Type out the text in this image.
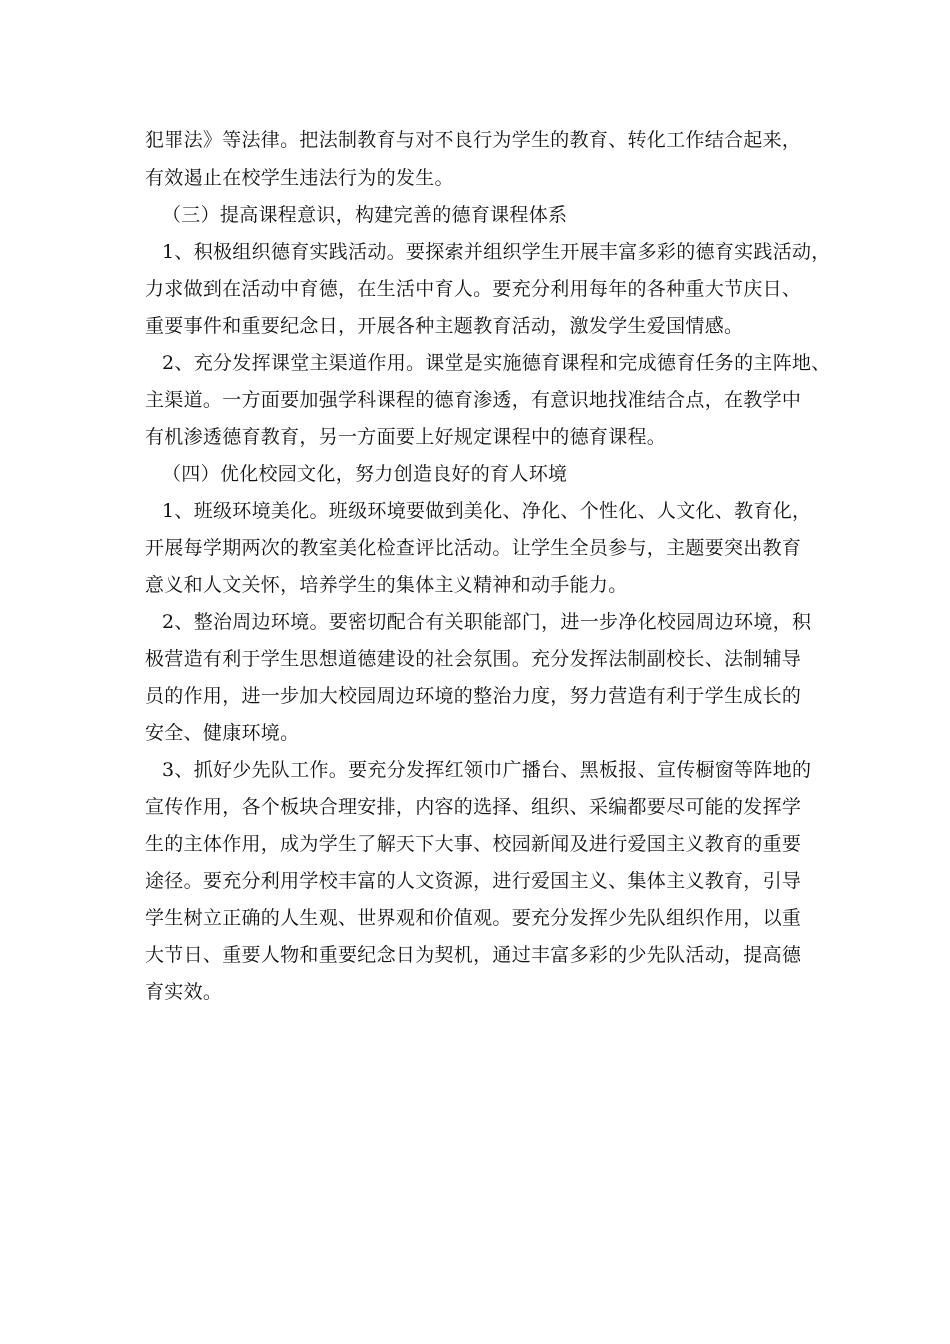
犯罪法》等法律。把法制教育与对不良行为学生的教育、转化工作结合起来，
有效遏止在校学生违法行为的发生。
（三）提高课程意识，构建完善的德育课程体系
1、积极组织德育实践活动。要探索并组织学生开展丰富多彩的德育实践活动，
力求做到在活动中育德，在生活中育人。要充分利用每年的各种重大节庆日、
重要事件和重要纪念日，开展各种主题教育活动，激发学生爱国情感。
2、充分发挥课堂主渠道作用。课堂是实施德育课程和完成德育任务的主阵地、
主渠道。一方面要加强学科课程的德育渗透，有意识地找准结合点，在教学中
有机渗透德育教育，另一方面要上好规定课程中的德育课程。
（四）优化校园文化，努力创造良好的育人环境
1、班级环境美化。班级环境要做到美化、净化、个性化、人文化、教育化，
开展每学期两次的教室美化检查评比活动。让学生全员参与，主题要突出教育
意义和人文关怀，培养学生的集体主义精神和动手能力。
2、整治周边环境。要密切配合有关职能部门，进一步净化校园周边环境，积
极营造有利于学生思想道德建设的社会氛围。充分发挥法制副校长、法制辅导
员的作用，进一步加大校园周边环境的整治力度，努力营造有利于学生成长的
安全、健康环境。
3、抓好少先队工作。要充分发挥红领巾广播台、黑板报、宣传橱窗等阵地的
宣传作用，各个板块合理安排，内容的选择、组织、采编都要尽可能的发挥学
生的主体作用，成为学生了解天下大事、校园新闻及进行爱国主义教育的重要
途径。要充分利用学校丰富的人文资源，进行爱国主义、集体主义教育，引导
学生树立正确的人生观、世界观和价值观。要充分发挥少先队组织作用，以重
大节日、重要人物和重要纪念日为契机，通过丰富多彩的少先队活动，提高德
育实效。
